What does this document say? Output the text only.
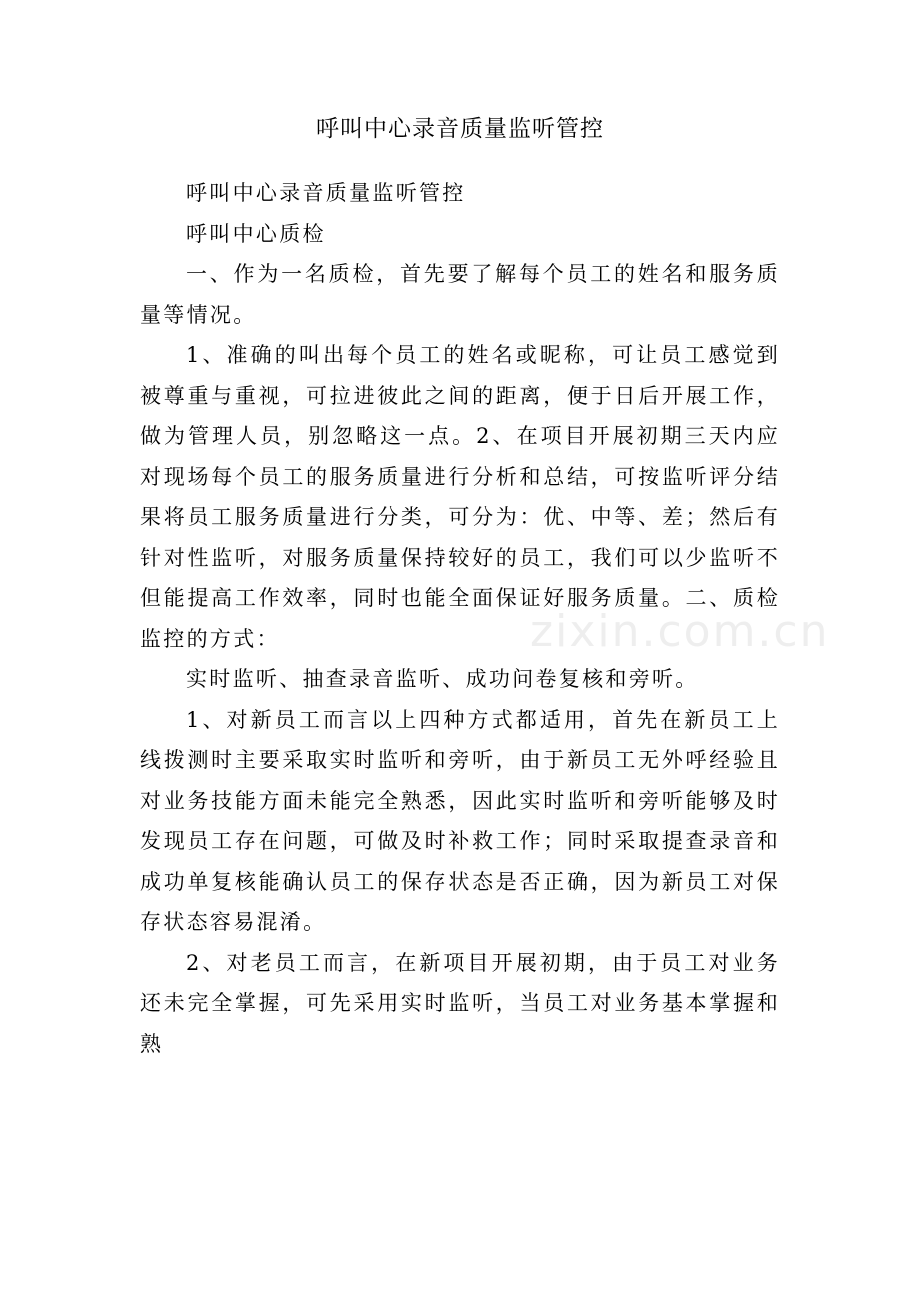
呼叫中心录音质量监听管控

呼叫中心录音质量监听管控

呼叫中心质检

一、作为一名质检，首先要了解每个员工的姓名和服务质量等情况。

1、准确的叫出每个员工的姓名或昵称，可让员工感觉到被尊重与重视，可拉进彼此之间的距离，便于日后开展工作，做为管理人员，别忽略这一点。2、在项目开展初期三天内应对现场每个员工的服务质量进行分析和总结，可按监听评分结果将员工服务质量进行分类，可分为：优、中等、差；然后有针对性监听，对服务质量保持较好的员工，我们可以少监听不但能提高工作效率，同时也能全面保证好服务质量。二、质检监控的方式：

实时监听、抽查录音监听、成功问卷复核和旁听。

1、对新员工而言以上四种方式都适用，首先在新员工上线拨测时主要采取实时监听和旁听，由于新员工无外呼经验且对业务技能方面未能完全熟悉，因此实时监听和旁听能够及时发现员工存在问题，可做及时补救工作；同时采取提查录音和成功单复核能确认员工的保存状态是否正确，因为新员工对保存状态容易混淆。

2、对老员工而言，在新项目开展初期，由于员工对业务还未完全掌握，可先采用实时监听，当员工对业务基本掌握和熟

zixin.com.cn
